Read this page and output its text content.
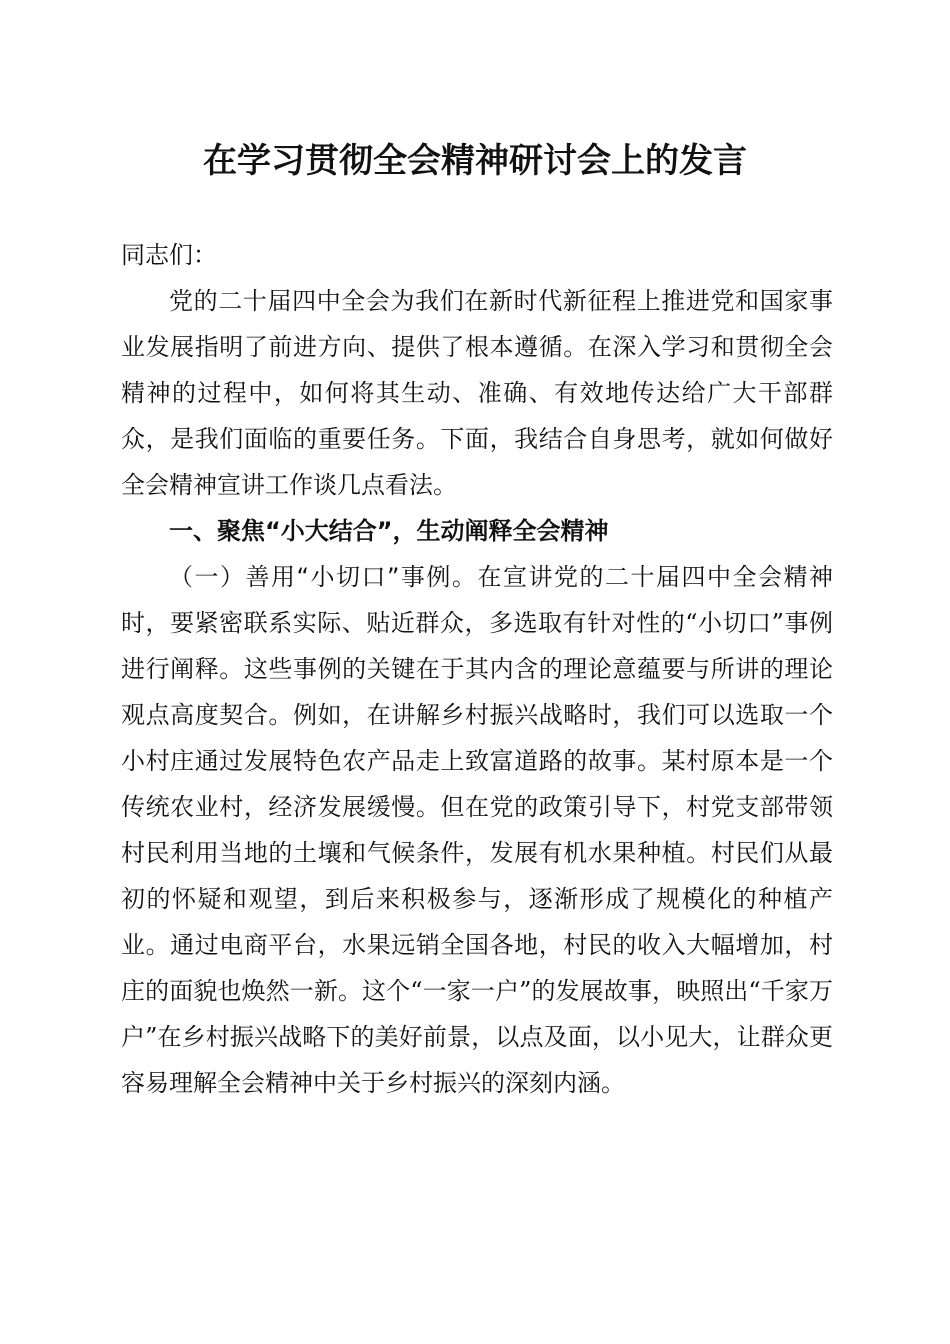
在学习贯彻全会精神研讨会上的发言

同志们：

党的二十届四中全会为我们在新时代新征程上推进党和国家事业发展指明了前进方向、提供了根本遵循。在深入学习和贯彻全会精神的过程中，如何将其生动、准确、有效地传达给广大干部群众，是我们面临的重要任务。下面，我结合自身思考，就如何做好全会精神宣讲工作谈几点看法。

一、聚焦“小大结合”，生动阐释全会精神

（一）善用“小切口”事例。在宣讲党的二十届四中全会精神时，要紧密联系实际、贴近群众，多选取有针对性的“小切口”事例进行阐释。这些事例的关键在于其内含的理论意蕴要与所讲的理论观点高度契合。例如，在讲解乡村振兴战略时，我们可以选取一个小村庄通过发展特色农产品走上致富道路的故事。某村原本是一个传统农业村，经济发展缓慢。但在党的政策引导下，村党支部带领村民利用当地的土壤和气候条件，发展有机水果种植。村民们从最初的怀疑和观望，到后来积极参与，逐渐形成了规模化的种植产业。通过电商平台，水果远销全国各地，村民的收入大幅增加，村庄的面貌也焕然一新。这个“一家一户”的发展故事，映照出“千家万户”在乡村振兴战略下的美好前景，以点及面，以小见大，让群众更容易理解全会精神中关于乡村振兴的深刻内涵。
